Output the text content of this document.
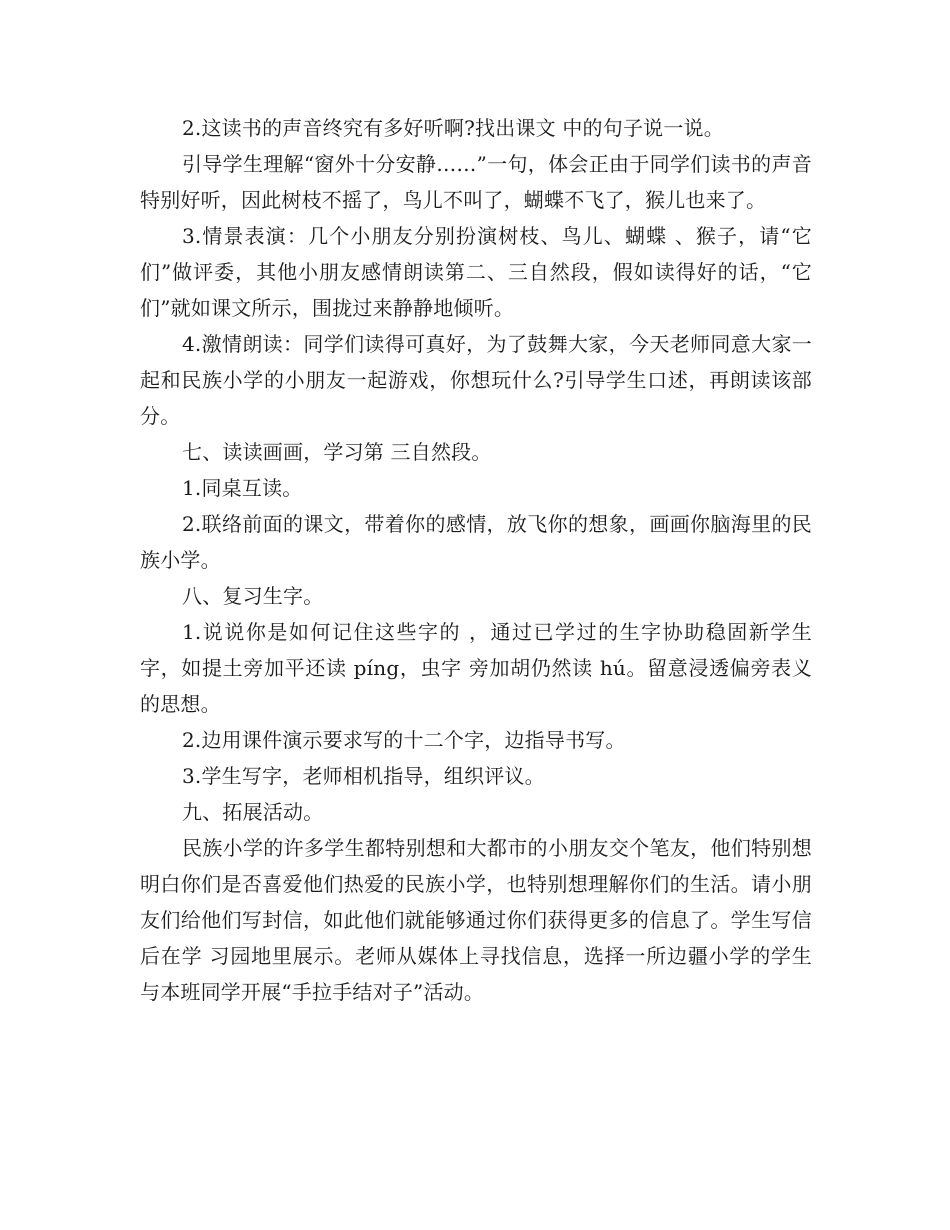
2.这读书的声音终究有多好听啊?找出课文 中的句子说一说。

引导学生理解“窗外十分安静……”一句，体会正由于同学们读书的声音特别好听，因此树枝不摇了，鸟儿不叫了，蝴蝶不飞了，猴儿也来了。

3.情景表演：几个小朋友分别扮演树枝、鸟儿、蝴蝶 、猴子，请“它们”做评委，其他小朋友感情朗读第二、三自然段，假如读得好的话，“它们”就如课文所示，围拢过来静静地倾听。

4.激情朗读：同学们读得可真好，为了鼓舞大家，今天老师同意大家一起和民族小学的小朋友一起游戏，你想玩什么?引导学生口述，再朗读该部分。

七、读读画画，学习第 三自然段。

1.同桌互读。

2.联络前面的课文，带着你的感情，放飞你的想象，画画你脑海里的民族小学。

八、复习生字。

1.说说你是如何记住这些字的 ，通过已学过的生字协助稳固新学生字，如提土旁加平还读 píng，虫字 旁加胡仍然读 hú。留意浸透偏旁表义的思想。

2.边用课件演示要求写的十二个字，边指导书写。

3.学生写字，老师相机指导，组织评议。

九、拓展活动。

民族小学的许多学生都特别想和大都市的小朋友交个笔友，他们特别想明白你们是否喜爱他们热爱的民族小学，也特别想理解你们的生活。请小朋友们给他们写封信，如此他们就能够通过你们获得更多的信息了。学生写信后在学 习园地里展示。老师从媒体上寻找信息，选择一所边疆小学的学生与本班同学开展“手拉手结对子”活动。
